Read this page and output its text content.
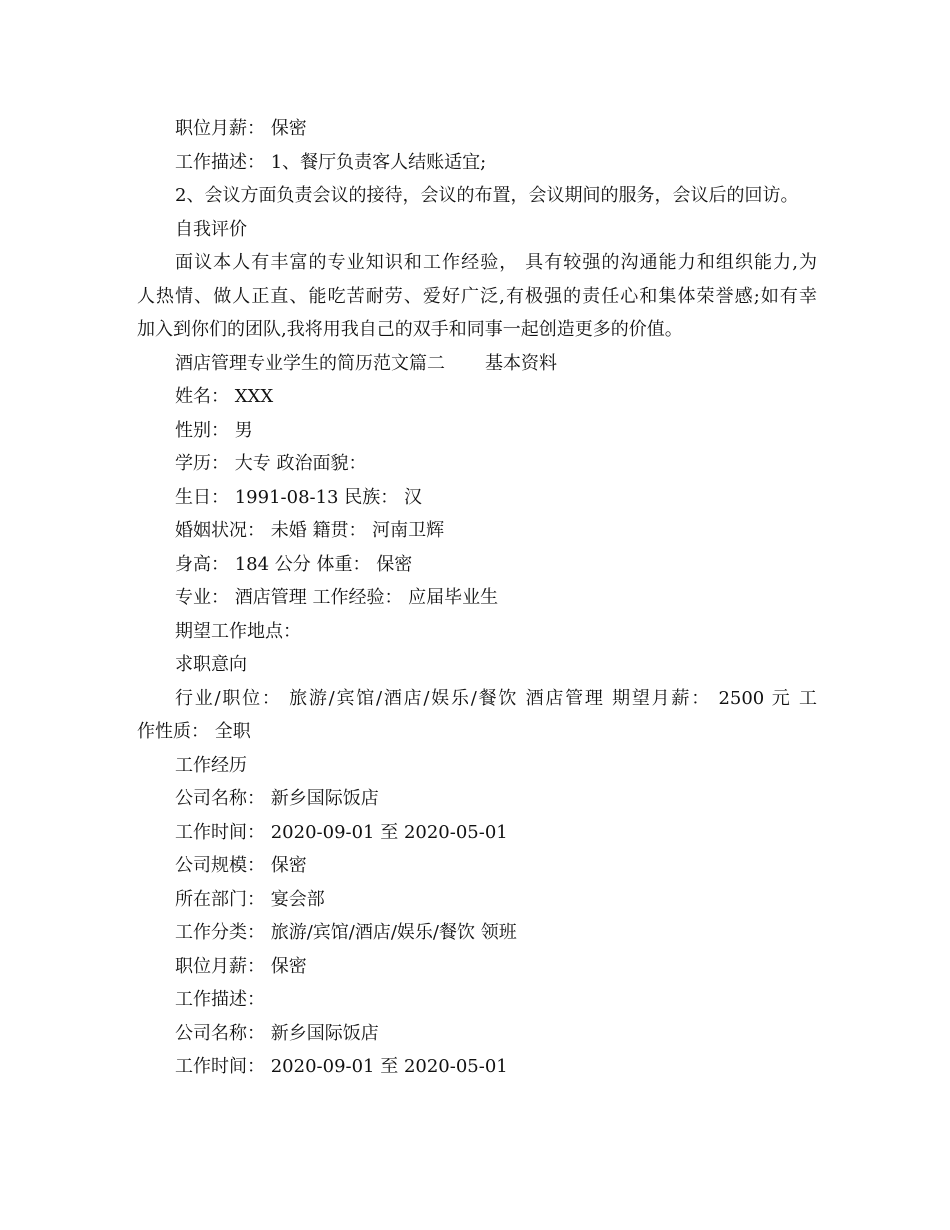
职位月薪： 保密
工作描述： 1、餐厅负责客人结账适宜;
2、会议方面负责会议的接待，会议的布置，会议期间的服务，会议后的回访。
自我评价
面议本人有丰富的专业知识和工作经验， 具有较强的沟通能力和组织能力,为
人热情、做人正直、能吃苦耐劳、爱好广泛,有极强的责任心和集体荣誉感;如有幸
加入到你们的团队,我将用我自己的双手和同事一起创造更多的价值。
酒店管理专业学生的简历范文篇二 基本资料
姓名： XXX
性别： 男
学历： 大专 政治面貌：
生日： 1991-08-13 民族： 汉
婚姻状况： 未婚 籍贯： 河南卫辉
身高： 184 公分 体重： 保密
专业： 酒店管理 工作经验： 应届毕业生
期望工作地点：
求职意向
行业/职位： 旅游/宾馆/酒店/娱乐/餐饮 酒店管理 期望月薪： 2500 元 工
作性质： 全职
工作经历
公司名称： 新乡国际饭店
工作时间： 2020-09-01 至 2020-05-01
公司规模： 保密
所在部门： 宴会部
工作分类： 旅游/宾馆/酒店/娱乐/餐饮 领班
职位月薪： 保密
工作描述：
公司名称： 新乡国际饭店
工作时间： 2020-09-01 至 2020-05-01
